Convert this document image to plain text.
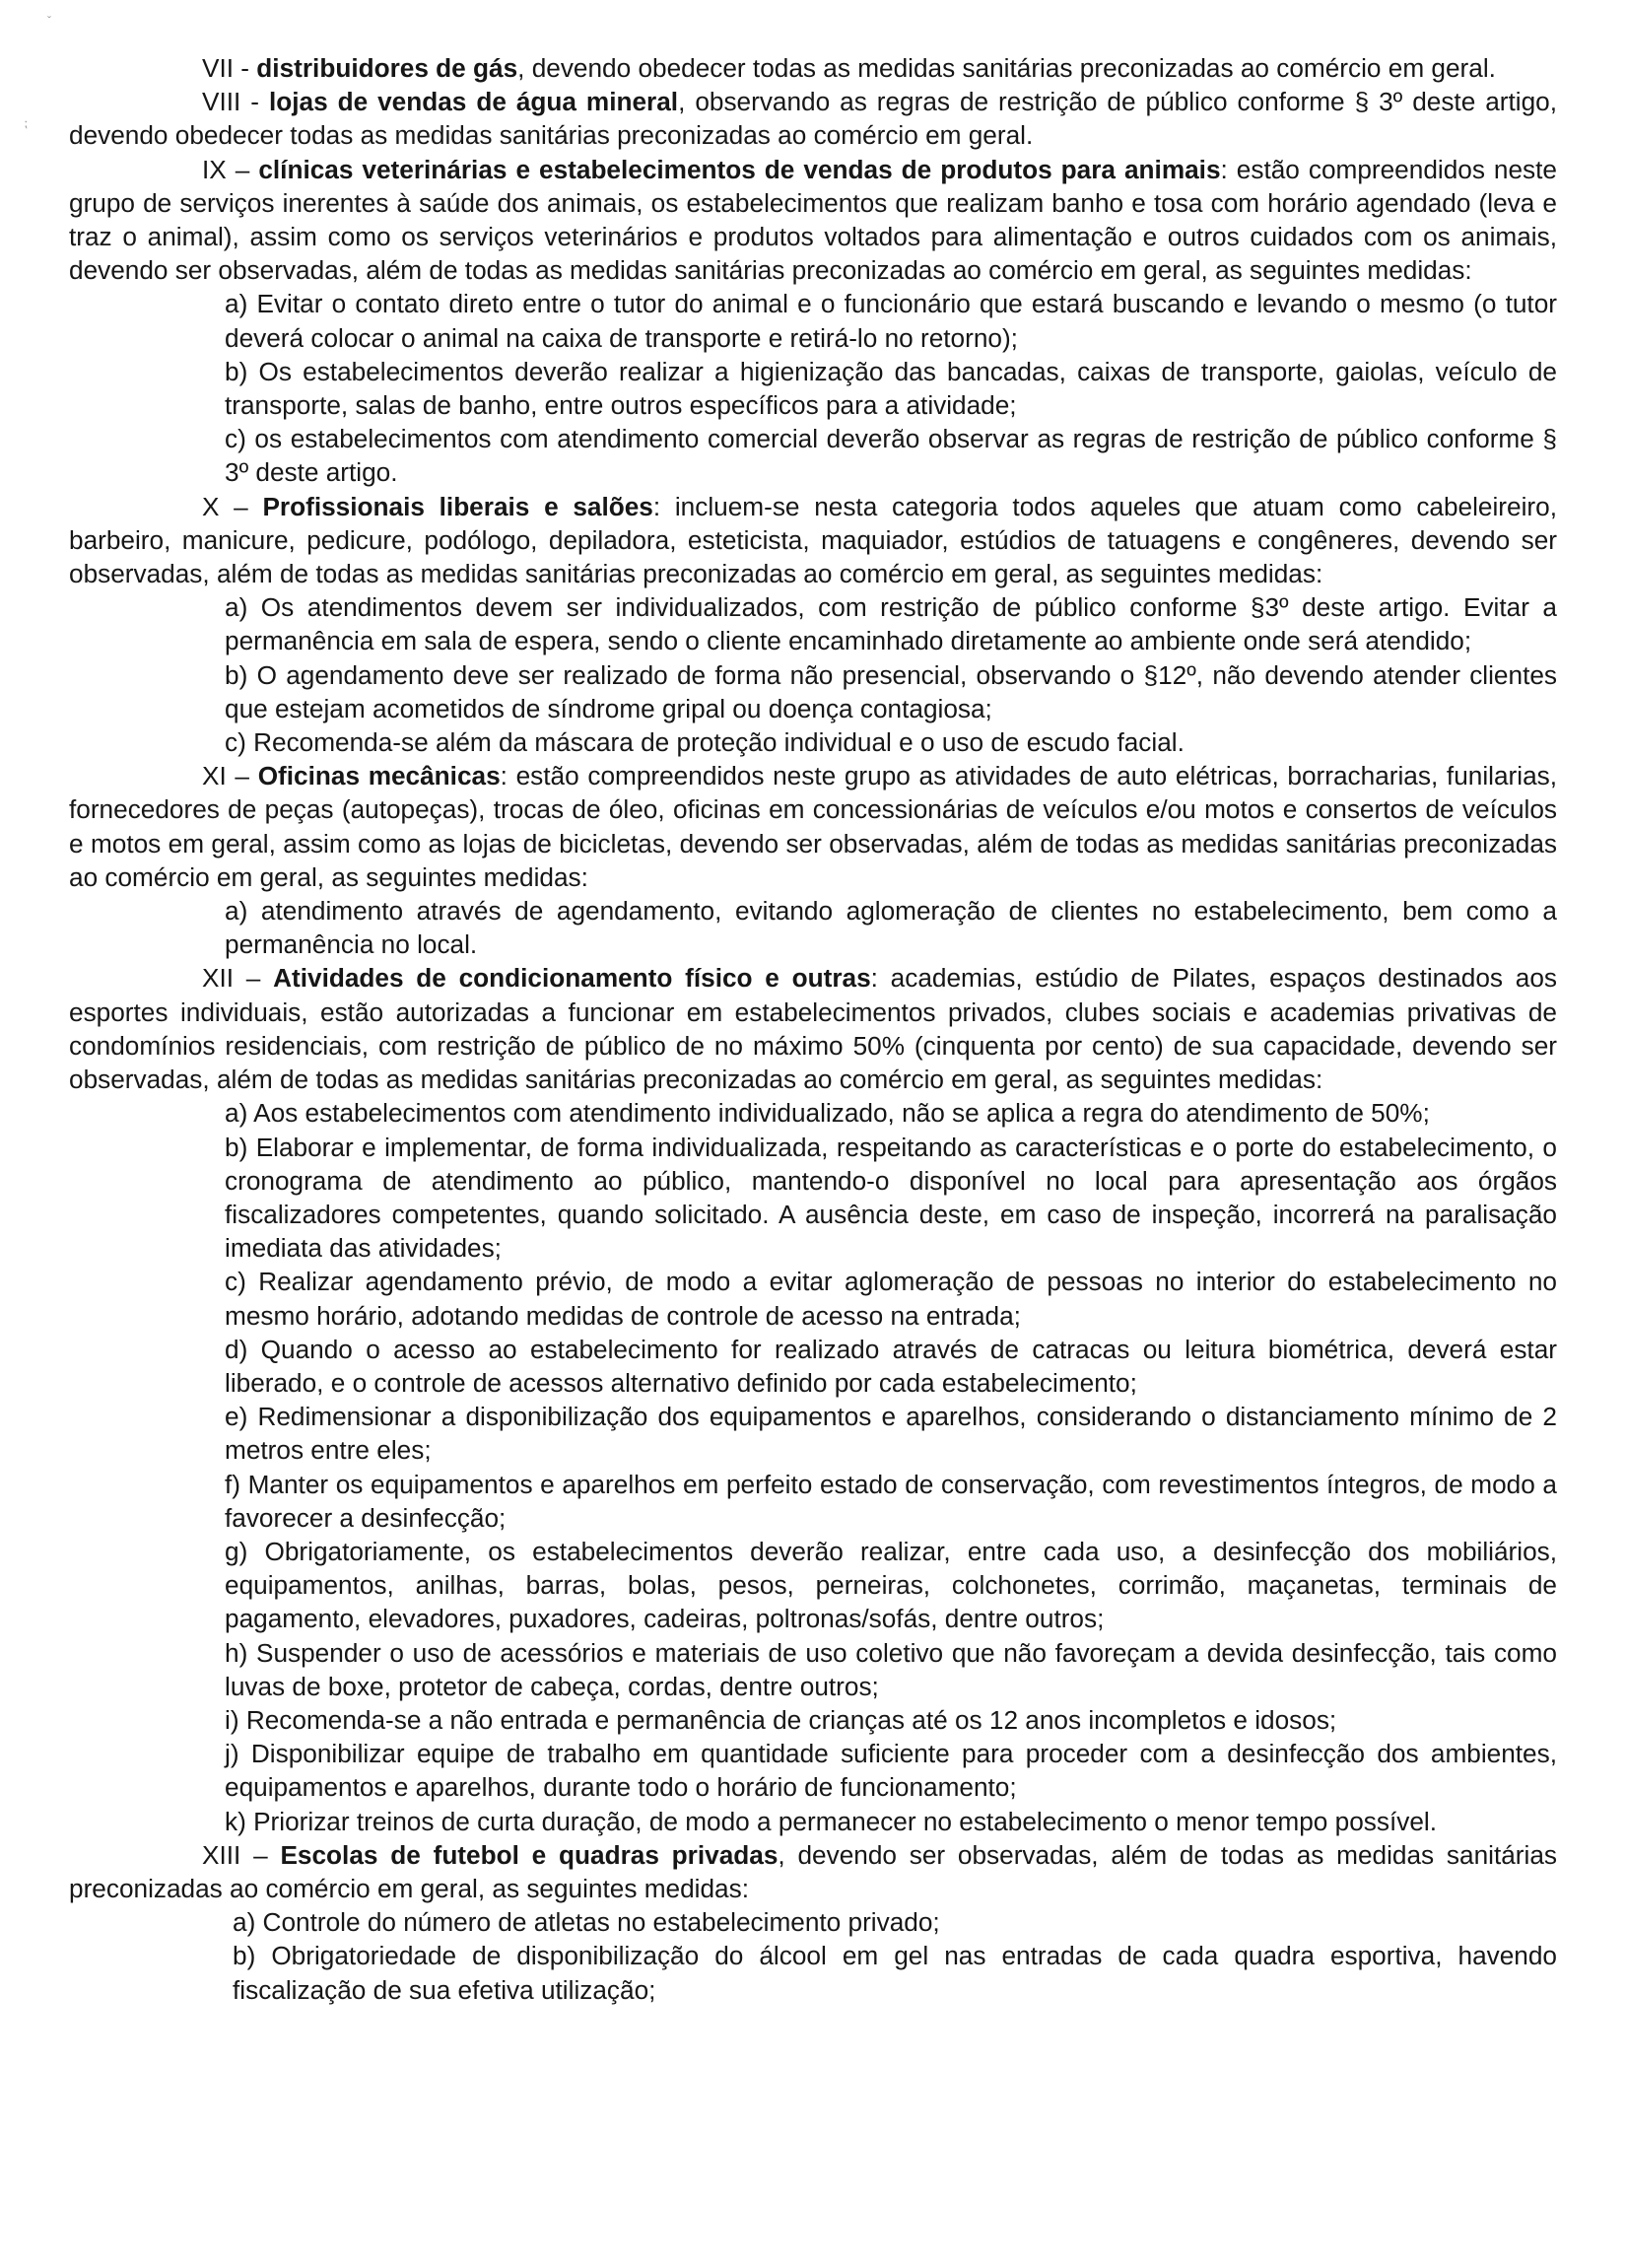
ˇ
⁏

VII - distribuidores de gás, devendo obedecer todas as medidas sanitárias preconizadas ao comércio em geral.

VIII - lojas de vendas de água mineral, observando as regras de restrição de público conforme § 3º deste artigo, devendo obedecer todas as medidas sanitárias preconizadas ao comércio em geral.

IX – clínicas veterinárias e estabelecimentos de vendas de produtos para animais: estão compreendidos neste grupo de serviços inerentes à saúde dos animais, os estabelecimentos que realizam banho e tosa com horário agendado (leva e traz o animal), assim como os serviços veterinários e produtos voltados para alimentação e outros cuidados com os animais, devendo ser observadas, além de todas as medidas sanitárias preconizadas ao comércio em geral, as seguintes medidas:

a) Evitar o contato direto entre o tutor do animal e o funcionário que estará buscando e levando o mesmo (o tutor deverá colocar o animal na caixa de transporte e retirá-lo no retorno);

b) Os estabelecimentos deverão realizar a higienização das bancadas, caixas de transporte, gaiolas, veículo de transporte, salas de banho, entre outros específicos para a atividade;

c) os estabelecimentos com atendimento comercial deverão observar as regras de restrição de público conforme § 3º deste artigo.

X – Profissionais liberais e salões: incluem-se nesta categoria todos aqueles que atuam como cabeleireiro, barbeiro, manicure, pedicure, podólogo, depiladora, esteticista, maquiador, estúdios de tatuagens e congêneres, devendo ser observadas, além de todas as medidas sanitárias preconizadas ao comércio em geral, as seguintes medidas:

a) Os atendimentos devem ser individualizados, com restrição de público conforme §3º deste artigo. Evitar a permanência em sala de espera, sendo o cliente encaminhado diretamente ao ambiente onde será atendido;

b) O agendamento deve ser realizado de forma não presencial, observando o §12º, não devendo atender clientes que estejam acometidos de síndrome gripal ou doença contagiosa;

c) Recomenda-se além da máscara de proteção individual e o uso de escudo facial.

XI – Oficinas mecânicas: estão compreendidos neste grupo as atividades de auto elétricas, borracharias, funilarias, fornecedores de peças (autopeças), trocas de óleo, oficinas em concessionárias de veículos e/ou motos e consertos de veículos e motos em geral, assim como as lojas de bicicletas, devendo ser observadas, além de todas as medidas sanitárias preconizadas ao comércio em geral, as seguintes medidas:

a) atendimento através de agendamento, evitando aglomeração de clientes no estabelecimento, bem como a permanência no local.

XII – Atividades de condicionamento físico e outras: academias, estúdio de Pilates, espaços destinados aos esportes individuais, estão autorizadas a funcionar em estabelecimentos privados, clubes sociais e academias privativas de condomínios residenciais, com restrição de público de no máximo 50% (cinquenta por cento) de sua capacidade, devendo ser observadas, além de todas as medidas sanitárias preconizadas ao comércio em geral, as seguintes medidas:

a) Aos estabelecimentos com atendimento individualizado, não se aplica a regra do atendimento de 50%;

b) Elaborar e implementar, de forma individualizada, respeitando as características e o porte do estabelecimento, o cronograma de atendimento ao público, mantendo-o disponível no local para apresentação aos órgãos fiscalizadores competentes, quando solicitado. A ausência deste, em caso de inspeção, incorrerá na paralisação imediata das atividades;

c) Realizar agendamento prévio, de modo a evitar aglomeração de pessoas no interior do estabelecimento no mesmo horário, adotando medidas de controle de acesso na entrada;

d) Quando o acesso ao estabelecimento for realizado através de catracas ou leitura biométrica, deverá estar liberado, e o controle de acessos alternativo definido por cada estabelecimento;

e) Redimensionar a disponibilização dos equipamentos e aparelhos, considerando o distanciamento mínimo de 2 metros entre eles;

f) Manter os equipamentos e aparelhos em perfeito estado de conservação, com revestimentos íntegros, de modo a favorecer a desinfecção;

g) Obrigatoriamente, os estabelecimentos deverão realizar, entre cada uso, a desinfecção dos mobiliários, equipamentos, anilhas, barras, bolas, pesos, perneiras, colchonetes, corrimão, maçanetas, terminais de pagamento, elevadores, puxadores, cadeiras, poltronas/sofás, dentre outros;

h) Suspender o uso de acessórios e materiais de uso coletivo que não favoreçam a devida desinfecção, tais como luvas de boxe, protetor de cabeça, cordas, dentre outros;

i) Recomenda-se a não entrada e permanência de crianças até os 12 anos incompletos e idosos;

j) Disponibilizar equipe de trabalho em quantidade suficiente para proceder com a desinfecção dos ambientes, equipamentos e aparelhos, durante todo o horário de funcionamento;

k) Priorizar treinos de curta duração, de modo a permanecer no estabelecimento o menor tempo possível.

XIII – Escolas de futebol e quadras privadas, devendo ser observadas, além de todas as medidas sanitárias preconizadas ao comércio em geral, as seguintes medidas:

a) Controle do número de atletas no estabelecimento privado;

b) Obrigatoriedade de disponibilização do álcool em gel nas entradas de cada quadra esportiva, havendo fiscalização de sua efetiva utilização;
